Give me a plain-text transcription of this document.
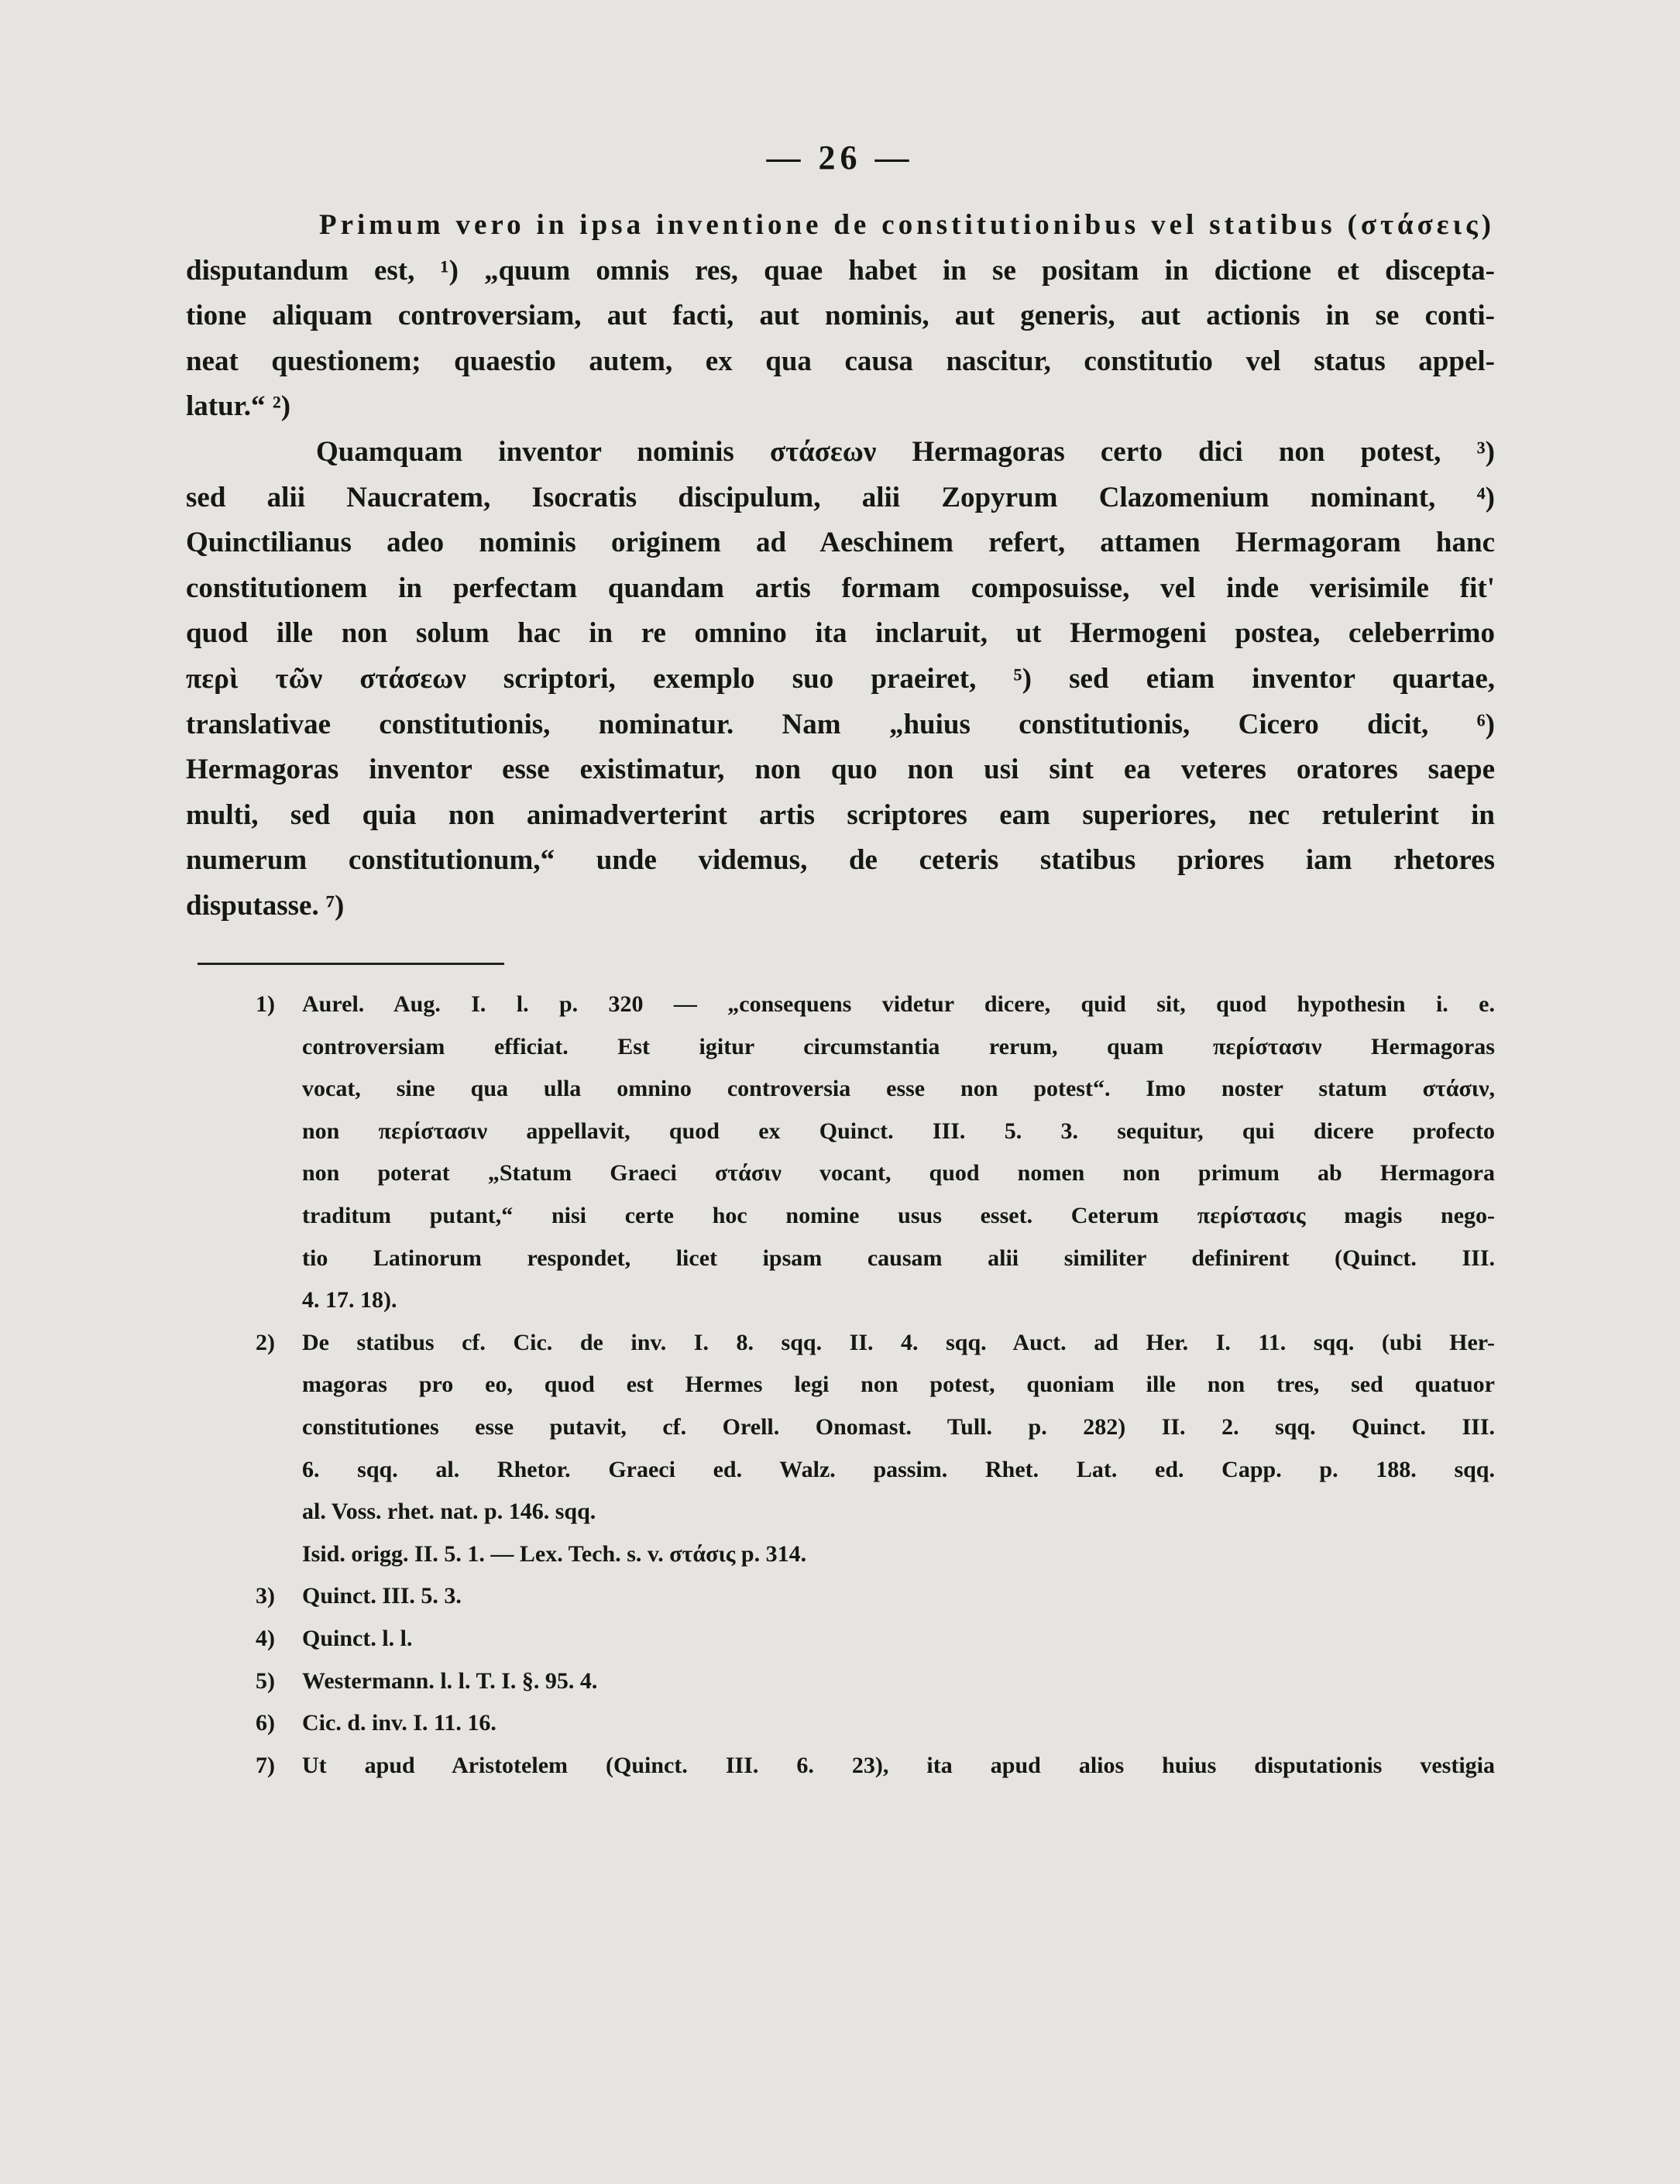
— 26 —
Primum vero in ipsa inventione de constitutionibus vel statibus (στάσεις)
disputandum est, ¹) „quum omnis res, quae habet in se positam in dictione et discepta-
tione aliquam controversiam, aut facti, aut nominis, aut generis, aut actionis in se conti-
neat questionem; quaestio autem, ex qua causa nascitur, constitutio vel status appel-
latur.“ ²)
Quamquam inventor nominis στάσεων Hermagoras certo dici non potest, ³)
sed alii Naucratem, Isocratis discipulum, alii Zopyrum Clazomenium nominant, ⁴)
Quinctilianus adeo nominis originem ad Aeschinem refert, attamen Hermagoram hanc
constitutionem in perfectam quandam artis formam composuisse, vel inde verisimile fit'
quod ille non solum hac in re omnino ita inclaruit, ut Hermogeni postea, celeberrimo
περὶ τῶν στάσεων scriptori, exemplo suo praeiret, ⁵) sed etiam inventor quartae,
translativae constitutionis, nominatur. Nam „huius constitutionis, Cicero dicit, ⁶)
Hermagoras inventor esse existimatur, non quo non usi sint ea veteres oratores saepe
multi, sed quia non animadverterint artis scriptores eam superiores, nec retulerint in
numerum constitutionum,“ unde videmus, de ceteris statibus priores iam rhetores
disputasse. ⁷)
1) Aurel. Aug. I. l. p. 320 — „consequens videtur dicere, quid sit, quod hypothesin i. e.
controversiam efficiat. Est igitur circumstantia rerum, quam περίστασιν Hermagoras
vocat, sine qua ulla omnino controversia esse non potest“. Imo noster statum στάσιν,
non περίστασιν appellavit, quod ex Quinct. III. 5. 3. sequitur, qui dicere profecto
non poterat „Statum Graeci στάσιν vocant, quod nomen non primum ab Hermagora
traditum putant,“ nisi certe hoc nomine usus esset. Ceterum περίστασις magis nego-
tio Latinorum respondet, licet ipsam causam alii similiter definirent (Quinct. III.
4. 17. 18).
2) De statibus cf. Cic. de inv. I. 8. sqq. II. 4. sqq. Auct. ad Her. I. 11. sqq. (ubi Her-
magoras pro eo, quod est Hermes legi non potest, quoniam ille non tres, sed quatuor
constitutiones esse putavit, cf. Orell. Onomast. Tull. p. 282) II. 2. sqq. Quinct. III.
6. sqq. al. Rhetor. Graeci ed. Walz. passim. Rhet. Lat. ed. Capp. p. 188. sqq.
al. Voss. rhet. nat. p. 146. sqq.
Isid. origg. II. 5. 1. — Lex. Tech. s. v. στάσις p. 314.
3) Quinct. III. 5. 3.
4) Quinct. l. l.
5) Westermann. l. l. T. I. §. 95. 4.
6) Cic. d. inv. I. 11. 16.
7) Ut apud Aristotelem (Quinct. III. 6. 23), ita apud alios huius disputationis vestigia
